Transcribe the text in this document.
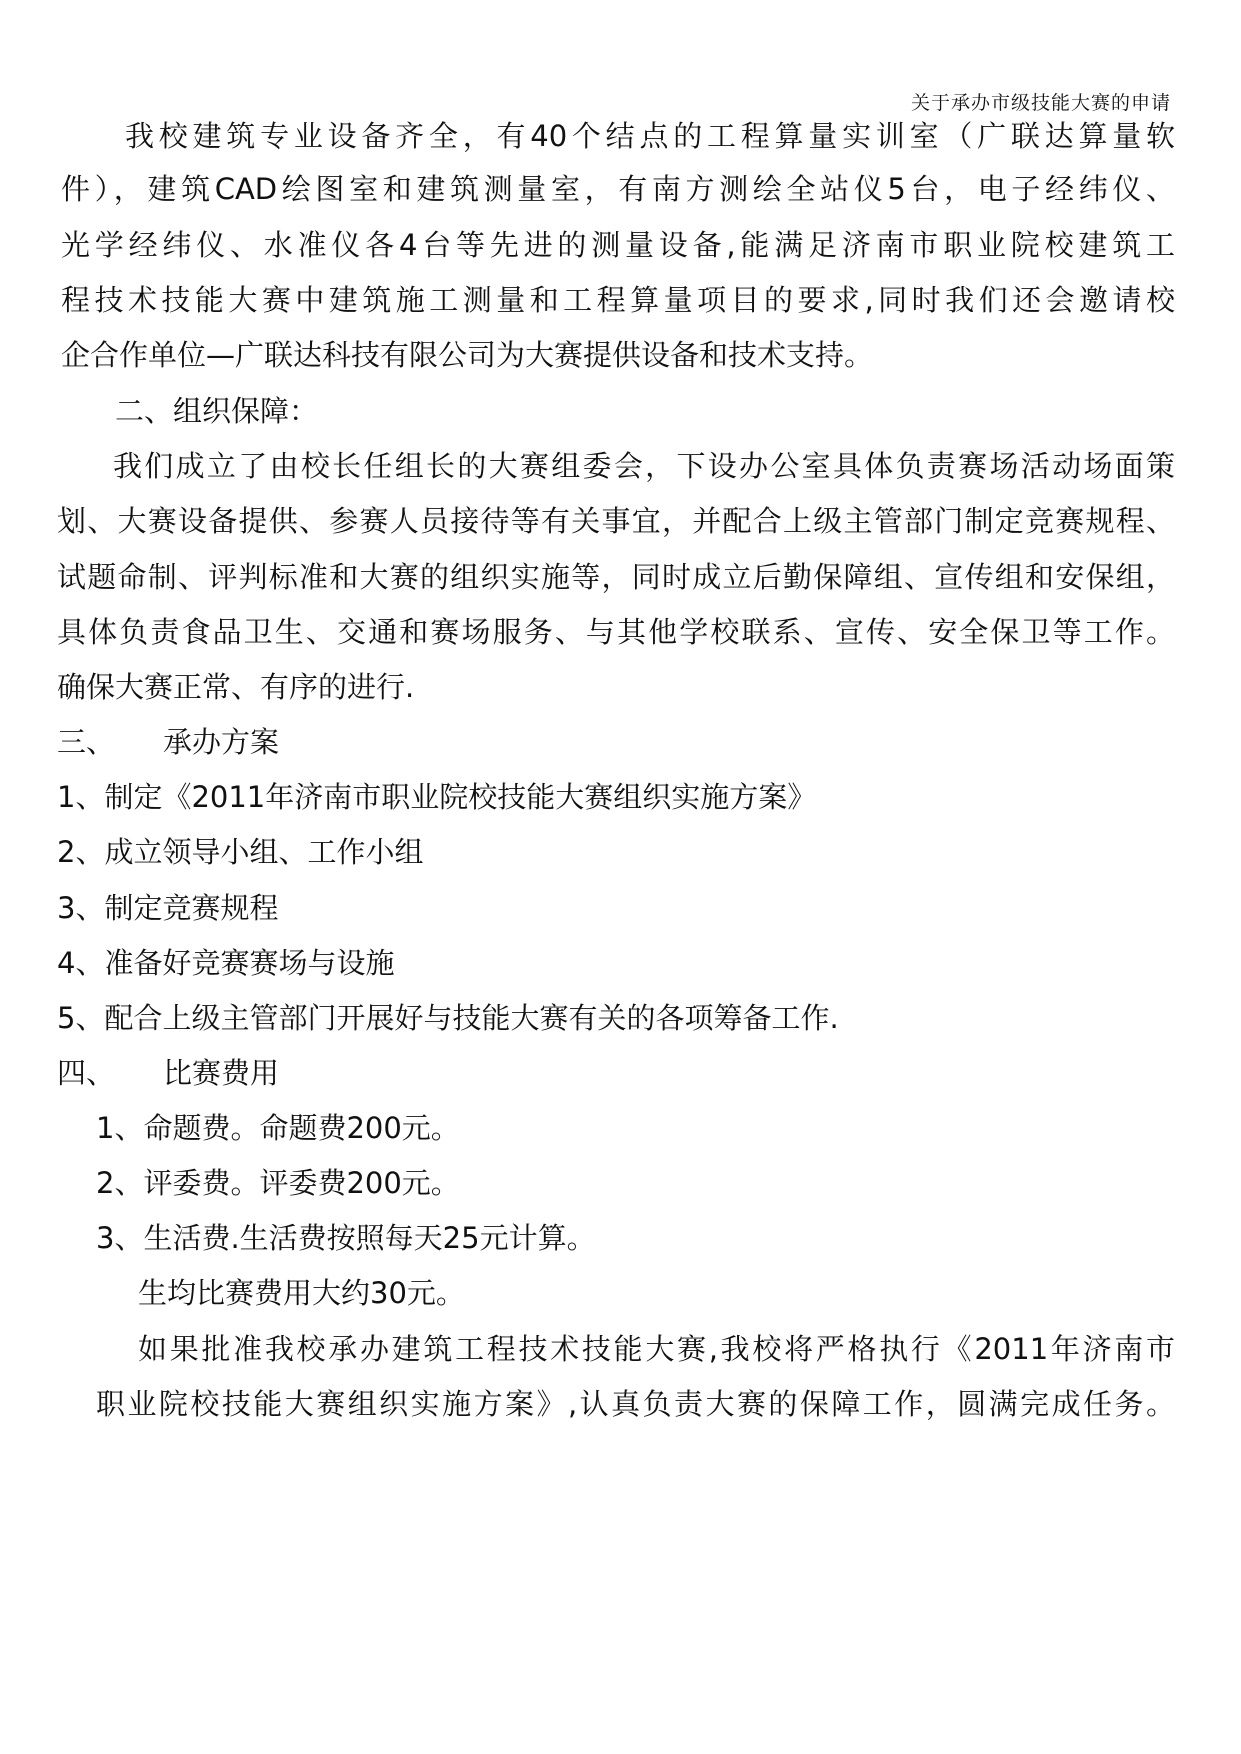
关于承办市级技能大赛的申请
我校建筑专业设备齐全，有40个结点的工程算量实训室（广联达算量软
件），建筑CAD绘图室和建筑测量室，有南方测绘全站仪5台，电子经纬仪、
光学经纬仪、水准仪各4台等先进的测量设备,能满足济南市职业院校建筑工
程技术技能大赛中建筑施工测量和工程算量项目的要求,同时我们还会邀请校
企合作单位—广联达科技有限公司为大赛提供设备和技术支持。
二、组织保障：
我们成立了由校长任组长的大赛组委会，下设办公室具体负责赛场活动场面策
划、大赛设备提供、参赛人员接待等有关事宜，并配合上级主管部门制定竞赛规程、
试题命制、评判标准和大赛的组织实施等，同时成立后勤保障组、宣传组和安保组，
具体负责食品卫生、交通和赛场服务、与其他学校联系、宣传、安全保卫等工作。
确保大赛正常、有序的进行.
三、 承办方案
1、制定《2011年济南市职业院校技能大赛组织实施方案》
2、成立领导小组、工作小组
3、制定竞赛规程
4、准备好竞赛赛场与设施
5、配合上级主管部门开展好与技能大赛有关的各项筹备工作.
四、 比赛费用
1、命题费。命题费200元。
2、评委费。评委费200元。
3、生活费.生活费按照每天25元计算。
生均比赛费用大约30元。
如果批准我校承办建筑工程技术技能大赛,我校将严格执行《2011年济南市
职业院校技能大赛组织实施方案》,认真负责大赛的保障工作，圆满完成任务。
